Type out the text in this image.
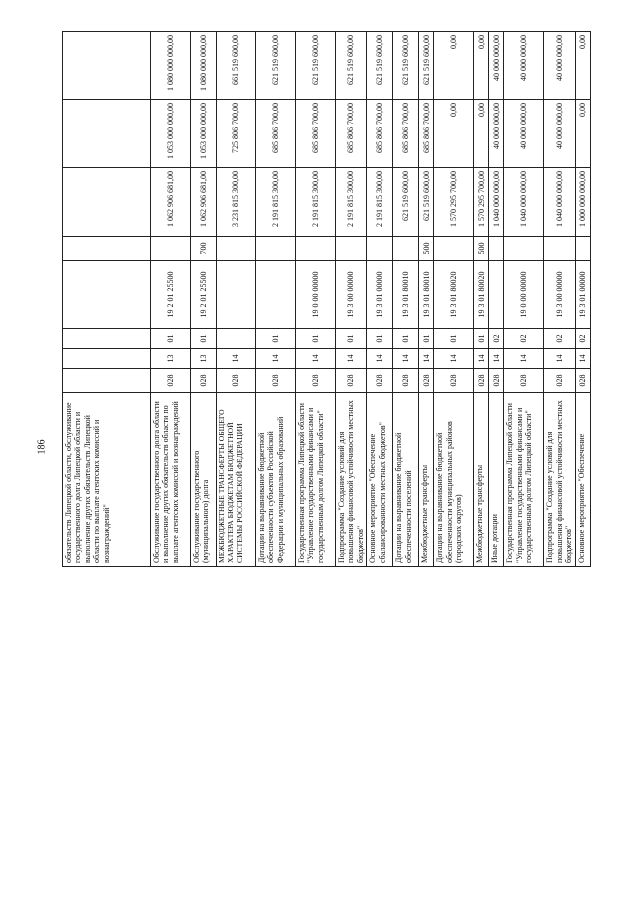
186 обязательств Липецкой области, обслуживание государственного долга Липецкой области и выполнение других обязательств Липецкой области по выплате агентских комиссий и вознаграждений"								
Обслуживание государственного долга области и выполнение других обязательств области по выплате агентских комиссий и вознаграждений	028	13	01	19 2 01 25500		1 062 906 681,00	1 053 000 000,00	1 080 000 000,00
Обслуживание государственного (муниципального) долга	028	13	01	19 2 01 25500	700	1 062 906 681,00	1 053 000 000,00	1 080 000 000,00
МЕЖБЮДЖЕТНЫЕ ТРАНСФЕРТЫ ОБЩЕГО ХАРАКТЕРА БЮДЖЕТАМ БЮДЖЕТНОЙ СИСТЕМЫ РОССИЙСКОЙ ФЕДЕРАЦИИ	028	14				3 231 815 300,00	725 806 700,00	661 519 600,00
Дотации на выравнивание бюджетной обеспеченности субъектов Российской Федерации и муниципальных образований	028	14	01			2 191 815 300,00	685 806 700,00	621 519 600,00
Государственная программа Липецкой области "Управление государственными финансами и государственным долгом Липецкой области"	028	14	01	19 0 00 00000		2 191 815 300,00	685 806 700,00	621 519 600,00
Подпрограмма "Создание условий для повышения финансовой устойчивости местных бюджетов"	028	14	01	19 3 00 00000		2 191 815 300,00	685 806 700,00	621 519 600,00
Основное мероприятие "Обеспечение сбалансированности местных бюджетов"	028	14	01	19 3 01 00000		2 191 815 300,00	685 806 700,00	621 519 600,00
Дотации на выравнивание бюджетной обеспеченности поселений	028	14	01	19 3 01 80010		621 519 600,00	685 806 700,00	621 519 600,00
Межбюджетные трансферты	028	14	01	19 3 01 80010	500	621 519 600,00	685 806 700,00	621 519 600,00
Дотации на выравнивание бюджетной обеспеченности муниципальных районов (городских округов)	028	14	01	19 3 01 80020		1 570 295 700,00	0,00	0,00
Межбюджетные трансферты	028	14	01	19 3 01 80020	500	1 570 295 700,00	0,00	0,00
Иные дотации	028	14	02			1 040 000 000,00	40 000 000,00	40 000 000,00
Государственная программа Липецкой области "Управление государственными финансами и государственным долгом Липецкой области"	028	14	02	19 0 00 00000		1 040 000 000,00	40 000 000,00	40 000 000,00
Подпрограмма "Создание условий для повышения финансовой устойчивости местных бюджетов"	028	14	02	19 3 00 00000		1 040 000 000,00	40 000 000,00	40 000 000,00
Основное мероприятие "Обеспечение	028	14	02	19 3 01 00000		1 000 000 000,00	0,00	0,00
